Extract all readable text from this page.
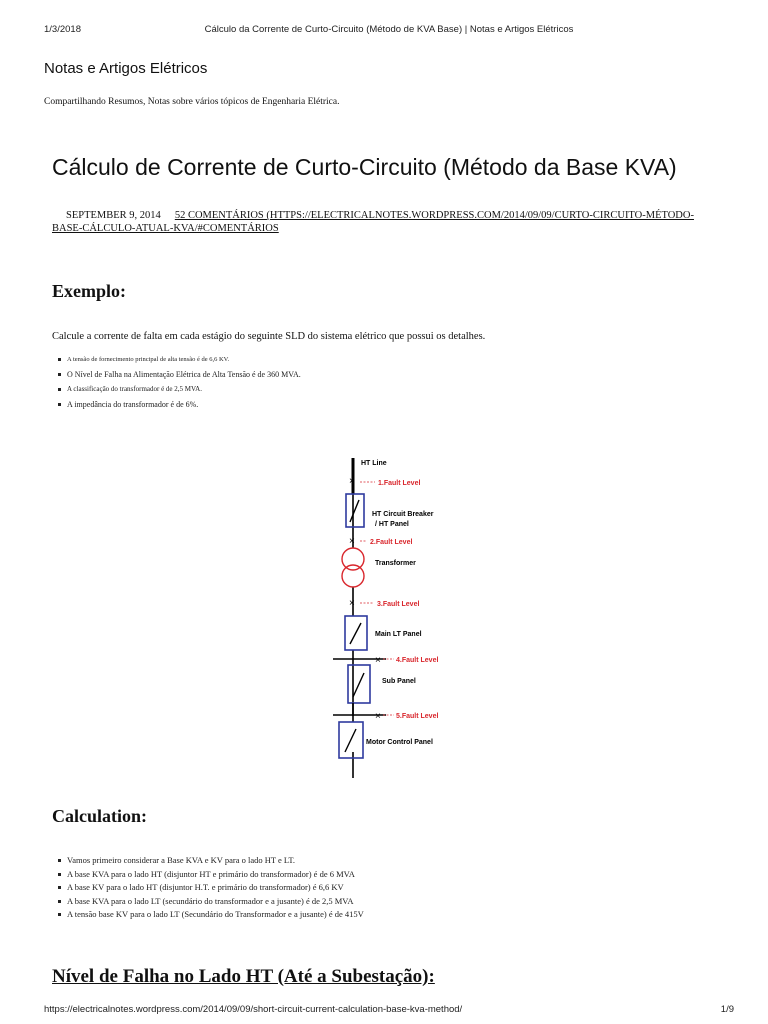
1/3/2018	Cálculo da Corrente de Curto-Circuito (Método de KVA Base) | Notas e Artigos Elétricos
Notas e Artigos Elétricos
Compartilhando Resumos, Notas sobre vários tópicos de Engenharia Elétrica.
Cálculo de Corrente de Curto-Circuito (Método da Base KVA)
SEPTEMBER 9, 2014 52 COMENTÁRIOS (HTTPS://ELECTRICALNOTES.WORDPRESS.COM/2014/09/09/CURTO-CIRCUITO-MÉTODO-BASE-CÁLCULO-ATUAL-KVA/#COMENTÁRIOS
Exemplo:
Calcule a corrente de falta em cada estágio do seguinte SLD do sistema elétrico que possui os detalhes.
A tensão de fornecimento principal de alta tensão é de 6,6 KV.
O Nível de Falha na Alimentação Elétrica de Alta Tensão é de 360 MVA.
A classificação do transformador é de 2,5 MVA.
A impedância do transformador é de 6%.
HT Line
×	1.Fault Level
HT Circuit Breaker
/ HT Panel
× 2.Fault Level
Transformer
×	3.Fault Level
Main LT Panel
× 4.Fault Level
Sub Panel
× 5.Fault Level
Motor Control Panel
Calculation:
Vamos primeiro considerar a Base KVA e KV para o lado HT e LT.
A base KVA para o lado HT (disjuntor HT e primário do transformador) é de 6 MVA
A base KV para o lado HT (disjuntor H.T. e primário do transformador) é 6,6 KV
A base KVA para o lado LT (secundário do transformador e a jusante) é de 2,5 MVA
A tensão base KV para o lado LT (Secundário do Transformador e a jusante) é de 415V
Nível de Falha no Lado HT (Até a Subestação):
https://electricalnotes.wordpress.com/2014/09/09/short-circuit-current-calculation-base-kva-method/	1/9
